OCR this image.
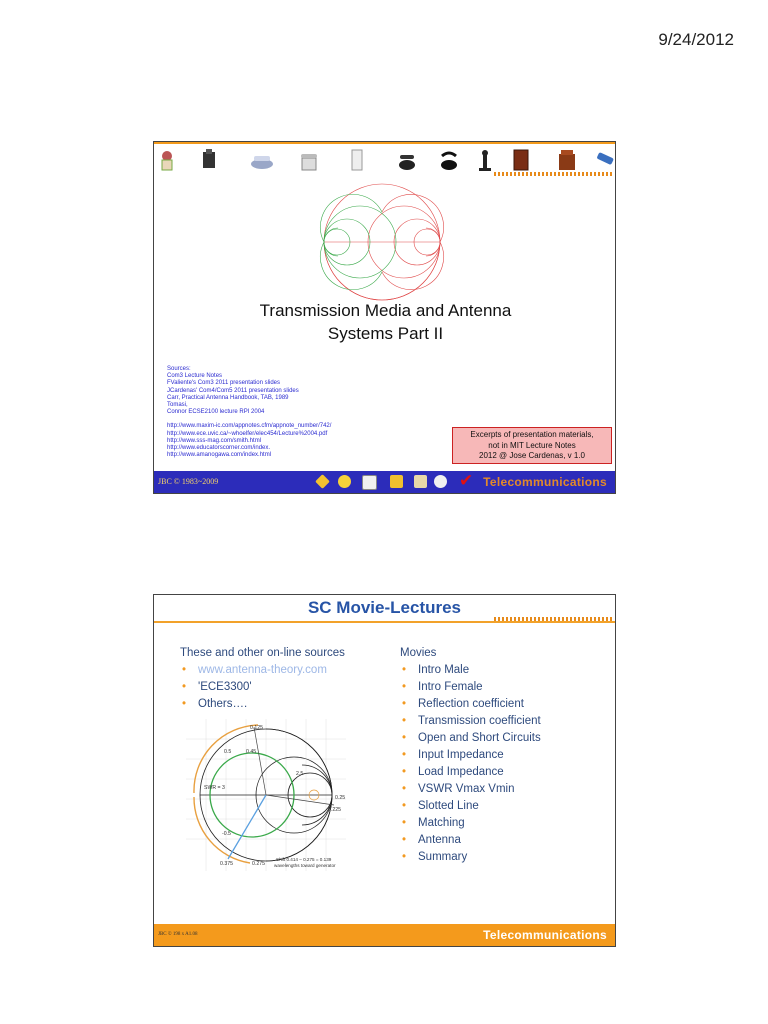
9/24/2012
Transmission Media and Antenna
Systems Part II
Sources:
Com3 Lecture Notes
FValiente's Com3 2011 presentation slides
JCardenas' Com4/Com5 2011 presentation slides
Carr, Practical Antenna Handbook, TAB, 1989
Tomasi,
Connor ECSE2100 lecture RPI 2004
http://www.maxim-ic.com/appnotes.cfm/appnote_number/742/
http://www.ece.uvic.ca/~whoelfer/elec454/Lecture%2004.pdf
http://www.sss-mag.com/smith.html
http://www.educatorscorner.com/index.
http://www.amanogawa.com/index.html
Excerpts of presentation materials,
not in MIT Lecture Notes
2012 @ Jose Cardenas, v 1.0
JBC © 1983~2009	✔ Telecommunications
SC Movie-Lectures
These and other on-line sources
• www.antenna-theory.com
• 'ECE3300'
• Others….
0.125
0.5	0.45
2.5
SWR = 3
0.25
-0.5
0.375
0.225
0.275
Shift 0.414 – 0.275 = 0.139
wavelengths toward generator
Movies
• Intro Male
• Intro Female
• Reflection coefficient
• Transmission coefficient
• Open and Short Circuits
• Input Impedance
• Load Impedance
• VSWR Vmax Vmin
• Slotted Line
• Matching
• Antenna
• Summary
JBC © 198 x A1.08	Telecommunications
